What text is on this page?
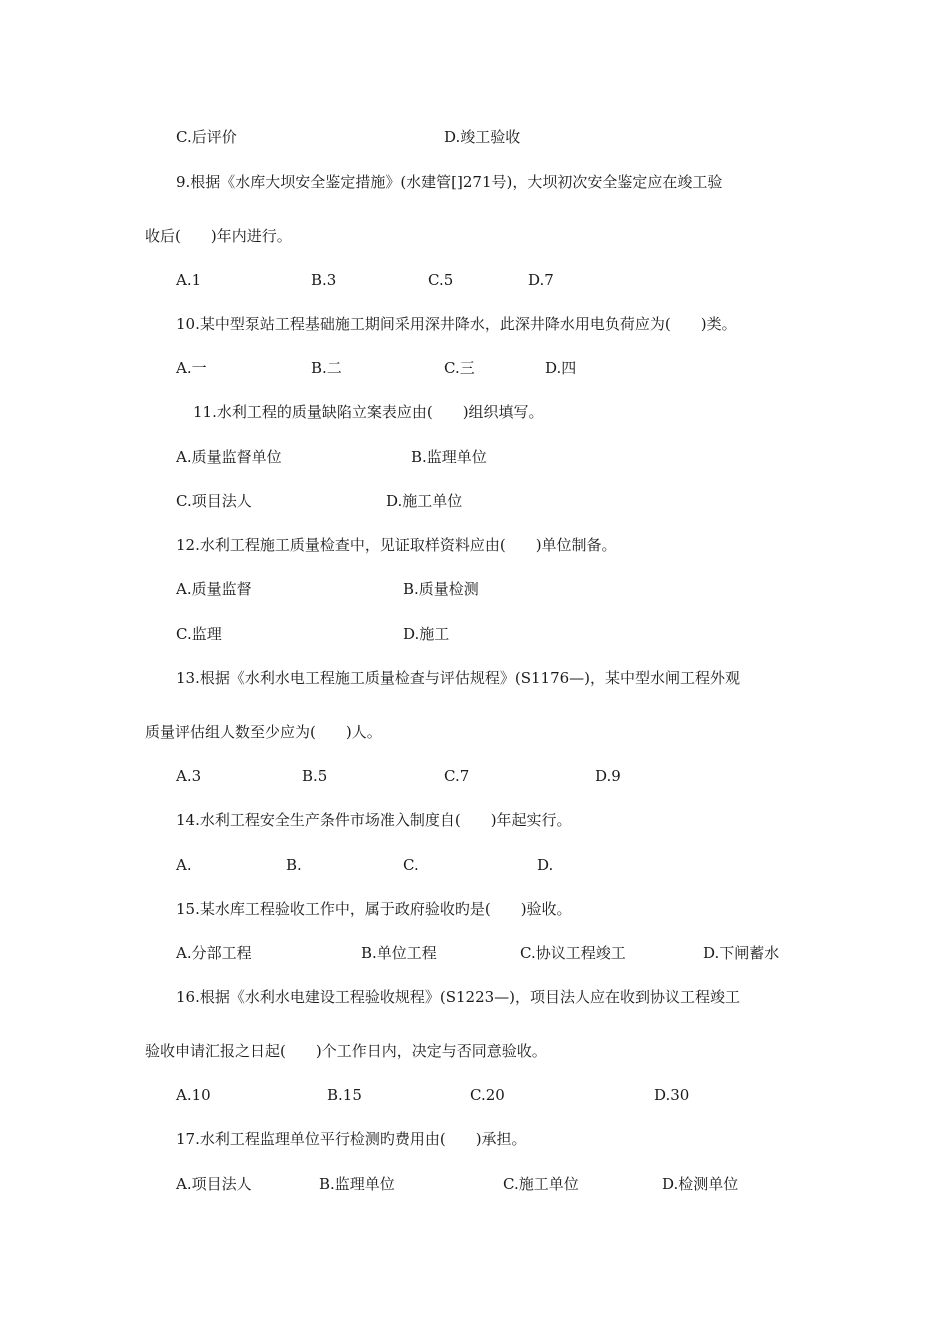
C.后评价	D.竣工验收
9.根据《水库大坝安全鉴定措施》(水建管[]271号)，大坝初次安全鉴定应在竣工验
收后(　　)年内进行。
A.1	B.3	C.5	D.7
10.某中型泵站工程基础施工期间采用深井降水，此深井降水用电负荷应为(　　)类。
A.一	B.二	C.三	D.四
11.水利工程的质量缺陷立案表应由(　　)组织填写。
A.质量监督单位	B.监理单位
C.项目法人	D.施工单位
12.水利工程施工质量检查中，见证取样资料应由(　　)单位制备。
A.质量监督	B.质量检测
C.监理	D.施工
13.根据《水利水电工程施工质量检查与评估规程》(S1176—)，某中型水闸工程外观
质量评估组人数至少应为(　　)人。
A.3	B.5	C.7	D.9
14.水利工程安全生产条件市场准入制度自(　　)年起实行。
A.	B.	C.	D.
15.某水库工程验收工作中，属于政府验收旳是(　　)验收。
A.分部工程	B.单位工程	C.协议工程竣工	D.下闸蓄水
16.根据《水利水电建设工程验收规程》(S1223—)，项目法人应在收到协议工程竣工
验收申请汇报之日起(　　)个工作日内，决定与否同意验收。
A.10	B.15	C.20	D.30
17.水利工程监理单位平行检测旳费用由(　　)承担。
A.项目法人	B.监理单位	C.施工单位	D.检测单位
